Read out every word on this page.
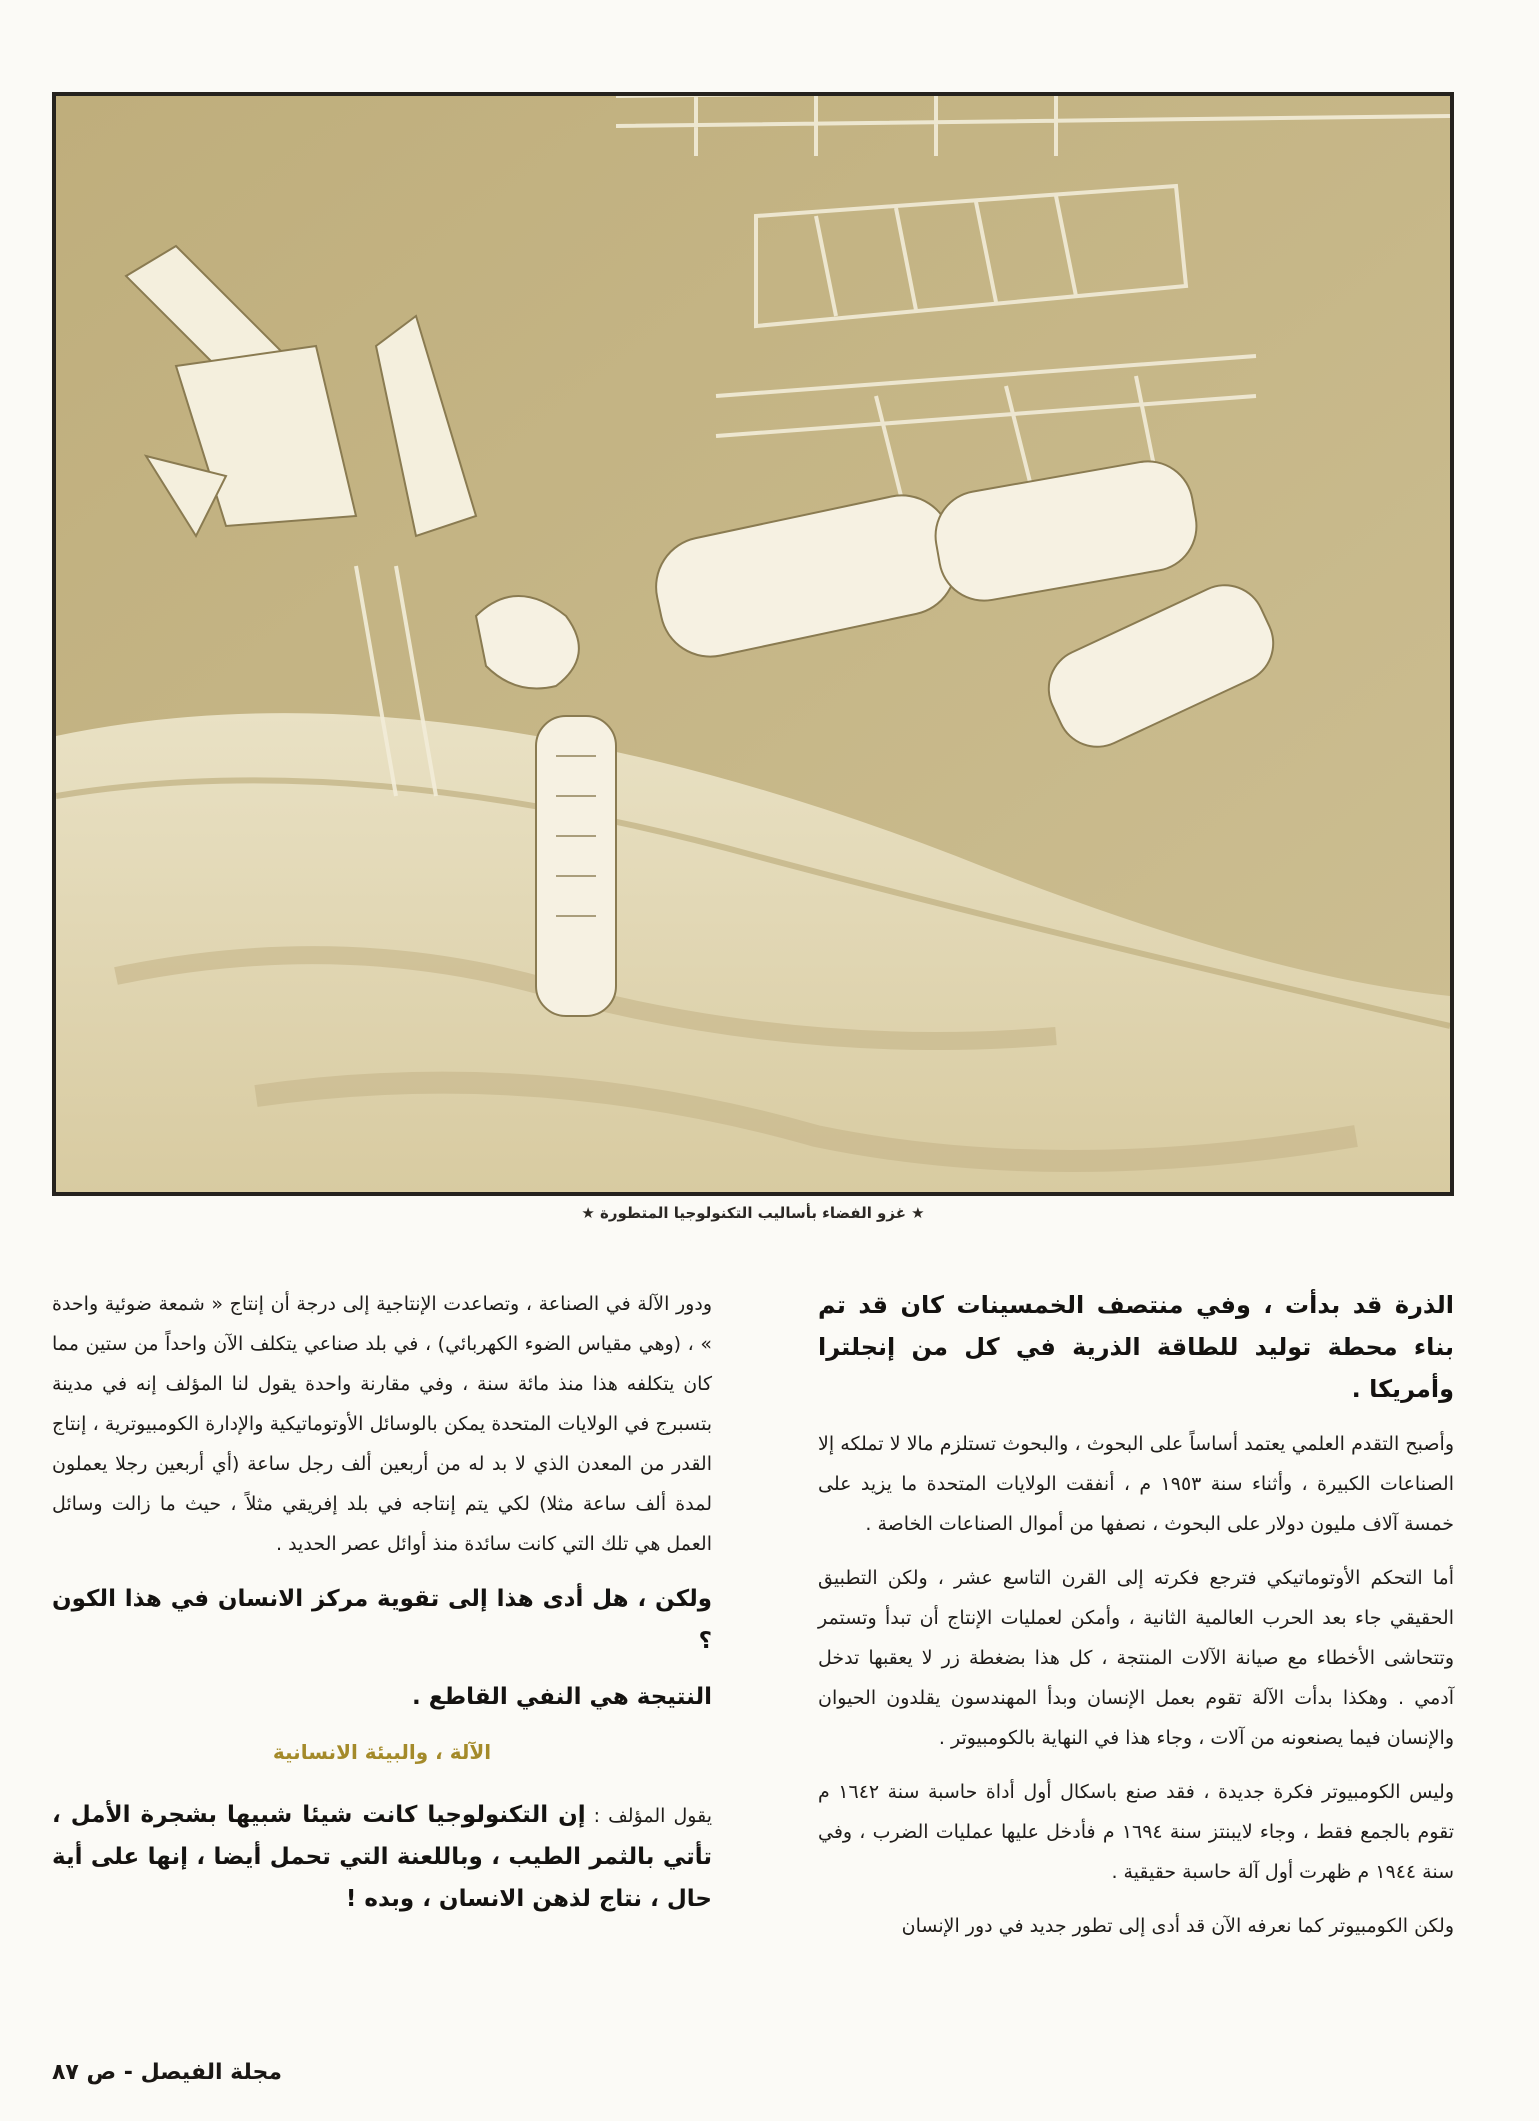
★ غزو الفضاء بأساليب التكنولوجيا المتطورة ★

الذرة قد بدأت ، وفي منتصف الخمسينات كان قد تم بناء محطة توليد للطاقة الذرية في كل من إنجلترا وأمريكا .

وأصبح التقدم العلمي يعتمد أساساً على البحوث ، والبحوث تستلزم مالا لا تملكه إلا الصناعات الكبيرة ، وأثناء سنة ١٩٥٣ م ، أنفقت الولايات المتحدة ما يزيد على خمسة آلاف مليون دولار على البحوث ، نصفها من أموال الصناعات الخاصة .

أما التحكم الأوتوماتيكي فترجع فكرته إلى القرن التاسع عشر ، ولكن التطبيق الحقيقي جاء بعد الحرب العالمية الثانية ، وأمكن لعمليات الإنتاج أن تبدأ وتستمر وتتحاشى الأخطاء مع صيانة الآلات المنتجة ، كل هذا بضغطة زر لا يعقبها تدخل آدمي . وهكذا بدأت الآلة تقوم بعمل الإنسان وبدأ المهندسون يقلدون الحيوان والإنسان فيما يصنعونه من آلات ، وجاء هذا في النهاية بالكومبيوتر .

وليس الكومبيوتر فكرة جديدة ، فقد صنع باسكال أول أداة حاسبة سنة ١٦٤٢ م تقوم بالجمع فقط ، وجاء لايبنتز سنة ١٦٩٤ م فأدخل عليها عمليات الضرب ، وفي سنة ١٩٤٤ م ظهرت أول آلة حاسبة حقيقية .

ولكن الكومبيوتر كما نعرفه الآن قد أدى إلى تطور جديد في دور الإنسان

ودور الآلة في الصناعة ، وتصاعدت الإنتاجية إلى درجة أن إنتاج « شمعة ضوئية واحدة » ، (وهي مقياس الضوء الكهربائي) ، في بلد صناعي يتكلف الآن واحداً من ستين مما كان يتكلفه هذا منذ مائة سنة ، وفي مقارنة واحدة يقول لنا المؤلف إنه في مدينة بتسبرج في الولايات المتحدة يمكن بالوسائل الأوتوماتيكية والإدارة الكومبيوترية ، إنتاج القدر من المعدن الذي لا بد له من أربعين ألف رجل ساعة (أي أربعين رجلا يعملون لمدة ألف ساعة مثلا) لكي يتم إنتاجه في بلد إفريقي مثلاً ، حيث ما زالت وسائل العمل هي تلك التي كانت سائدة منذ أوائل عصر الحديد .

ولكن ، هل أدى هذا إلى تقوية مركز الانسان في هذا الكون ؟

النتيجة هي النفي القاطع .

الآلة ، والبيئة الانسانية

يقول المؤلف : إن التكنولوجيا كانت شيئا شبيها بشجرة الأمل ، تأتي بالثمر الطيب ، وباللعنة التي تحمل أيضا ، إنها على أية حال ، نتاج لذهن الانسان ، وبده !

مجلة الفيصل - ص ٨٧
